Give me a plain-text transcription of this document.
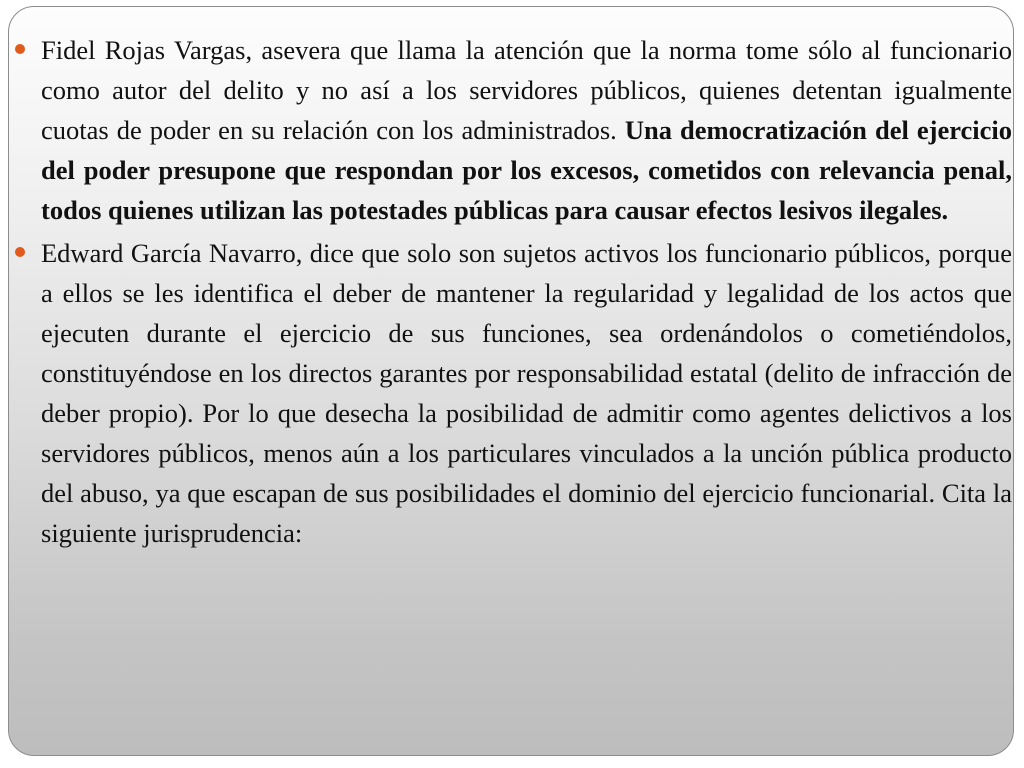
Fidel Rojas Vargas, asevera que llama la atención que la norma tome sólo al funcionario como autor del delito y no así a los servidores públicos, quienes detentan igualmente cuotas de poder en su relación con los administrados. Una democratización del ejercicio del poder presupone que respondan por los excesos, cometidos con relevancia penal, todos quienes utilizan las potestades públicas para causar efectos lesivos ilegales.
Edward García Navarro, dice que solo son sujetos activos los funcionario públicos, porque a ellos se les identifica el deber de mantener la regularidad y legalidad de los actos que ejecuten durante el ejercicio de sus funciones, sea ordenándolos o cometiéndolos, constituyéndose en los directos garantes por responsabilidad estatal (delito de infracción de deber propio). Por lo que desecha la posibilidad de admitir como agentes delictivos a los servidores públicos, menos aún a los particulares vinculados a la unción pública producto del abuso, ya que escapan de sus posibilidades el dominio del ejercicio funcionarial. Cita la siguiente jurisprudencia:
